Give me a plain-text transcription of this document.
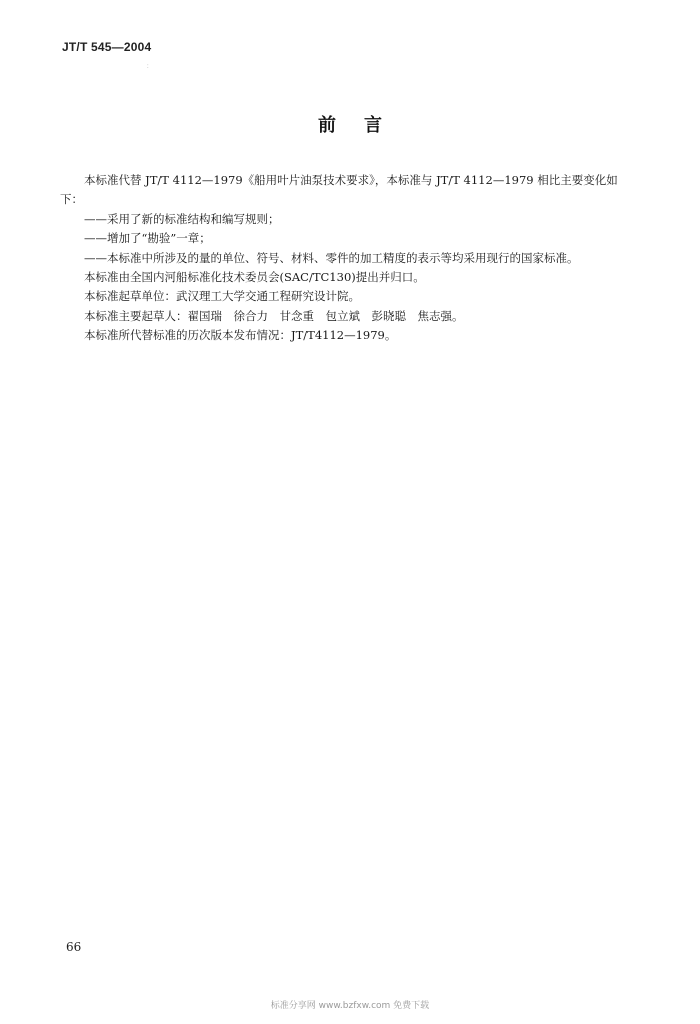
JT/T 545—2004
:
前言

本标准代替 JT/T 4112—1979《船用叶片油泵技术要求》，本标准与 JT/T 4112—1979 相比主要变化如

下：

——采用了新的标准结构和编写规则；

——增加了“勘验”一章；

——本标准中所涉及的量的单位、符号、材料、零件的加工精度的表示等均采用现行的国家标准。

本标准由全国内河船标准化技术委员会(SAC/TC130)提出并归口。

本标准起草单位：武汉理工大学交通工程研究设计院。

本标准主要起草人：翟国瑞　徐合力　甘念重　包立斌　彭晓聪　焦志强。

本标准所代替标准的历次版本发布情况：JT/T4112—1979。

66
标准分享网 www.bzfxw.com 免费下载
